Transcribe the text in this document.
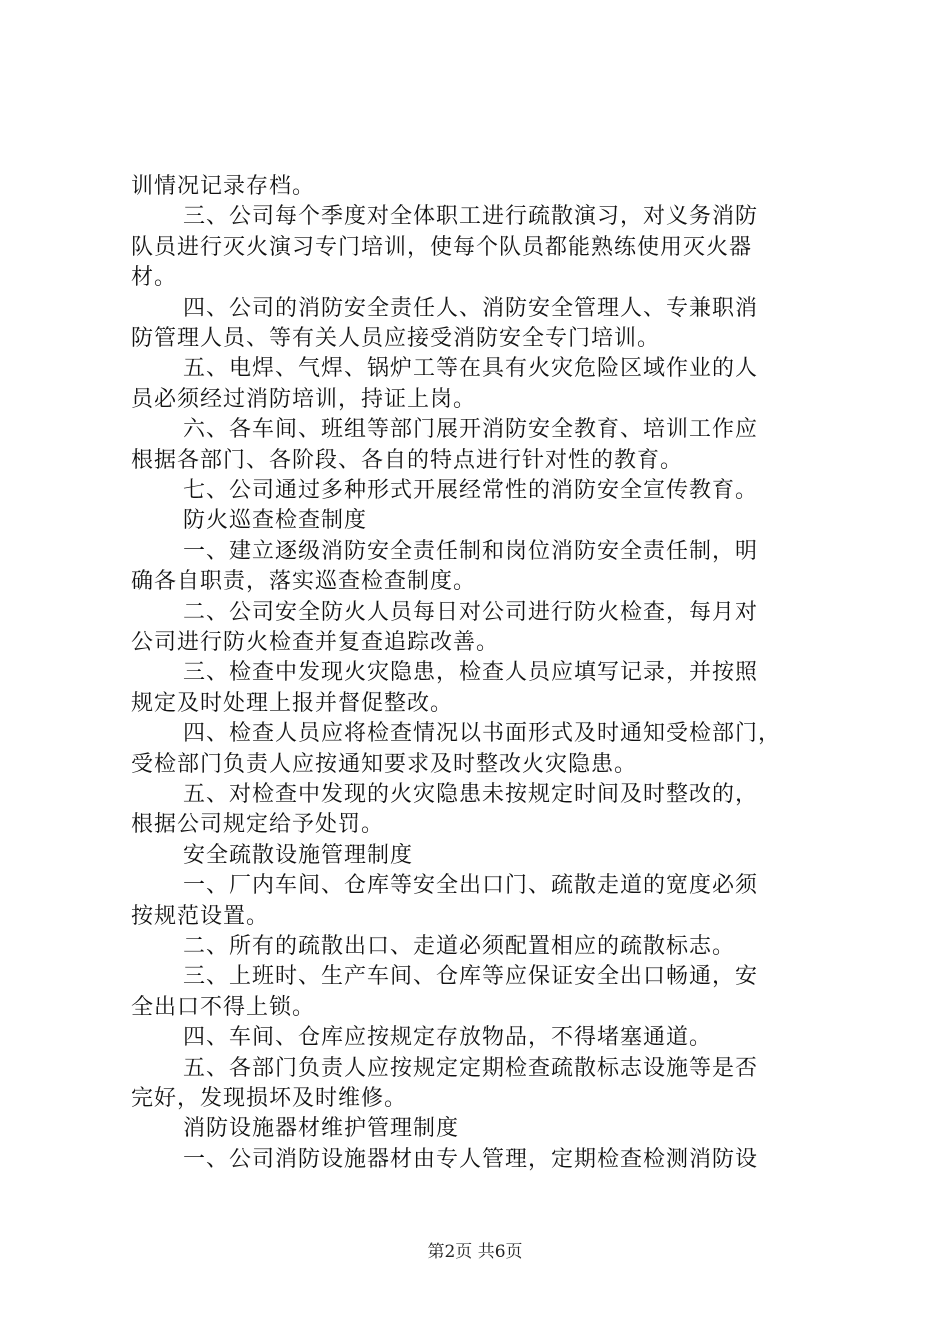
训情况记录存档。
三、公司每个季度对全体职工进行疏散演习，对义务消防
队员进行灭火演习专门培训，使每个队员都能熟练使用灭火器
材。
四、公司的消防安全责任人、消防安全管理人、专兼职消
防管理人员、等有关人员应接受消防安全专门培训。
五、电焊、气焊、锅炉工等在具有火灾危险区域作业的人
员必须经过消防培训，持证上岗。
六、各车间、班组等部门展开消防安全教育、培训工作应
根据各部门、各阶段、各自的特点进行针对性的教育。
七、公司通过多种形式开展经常性的消防安全宣传教育。
防火巡查检查制度
一、建立逐级消防安全责任制和岗位消防安全责任制，明
确各自职责，落实巡查检查制度。
二、公司安全防火人员每日对公司进行防火检查，每月对
公司进行防火检查并复查追踪改善。
三、检查中发现火灾隐患，检查人员应填写记录，并按照
规定及时处理上报并督促整改。
四、检查人员应将检查情况以书面形式及时通知受检部门，
受检部门负责人应按通知要求及时整改火灾隐患。
五、对检查中发现的火灾隐患未按规定时间及时整改的，
根据公司规定给予处罚。
安全疏散设施管理制度
一、厂内车间、仓库等安全出口门、疏散走道的宽度必须
按规范设置。
二、所有的疏散出口、走道必须配置相应的疏散标志。
三、上班时、生产车间、仓库等应保证安全出口畅通，安
全出口不得上锁。
四、车间、仓库应按规定存放物品，不得堵塞通道。
五、各部门负责人应按规定定期检查疏散标志设施等是否
完好，发现损坏及时维修。
消防设施器材维护管理制度
一、公司消防设施器材由专人管理，定期检查检测消防设
第2页 共6页
